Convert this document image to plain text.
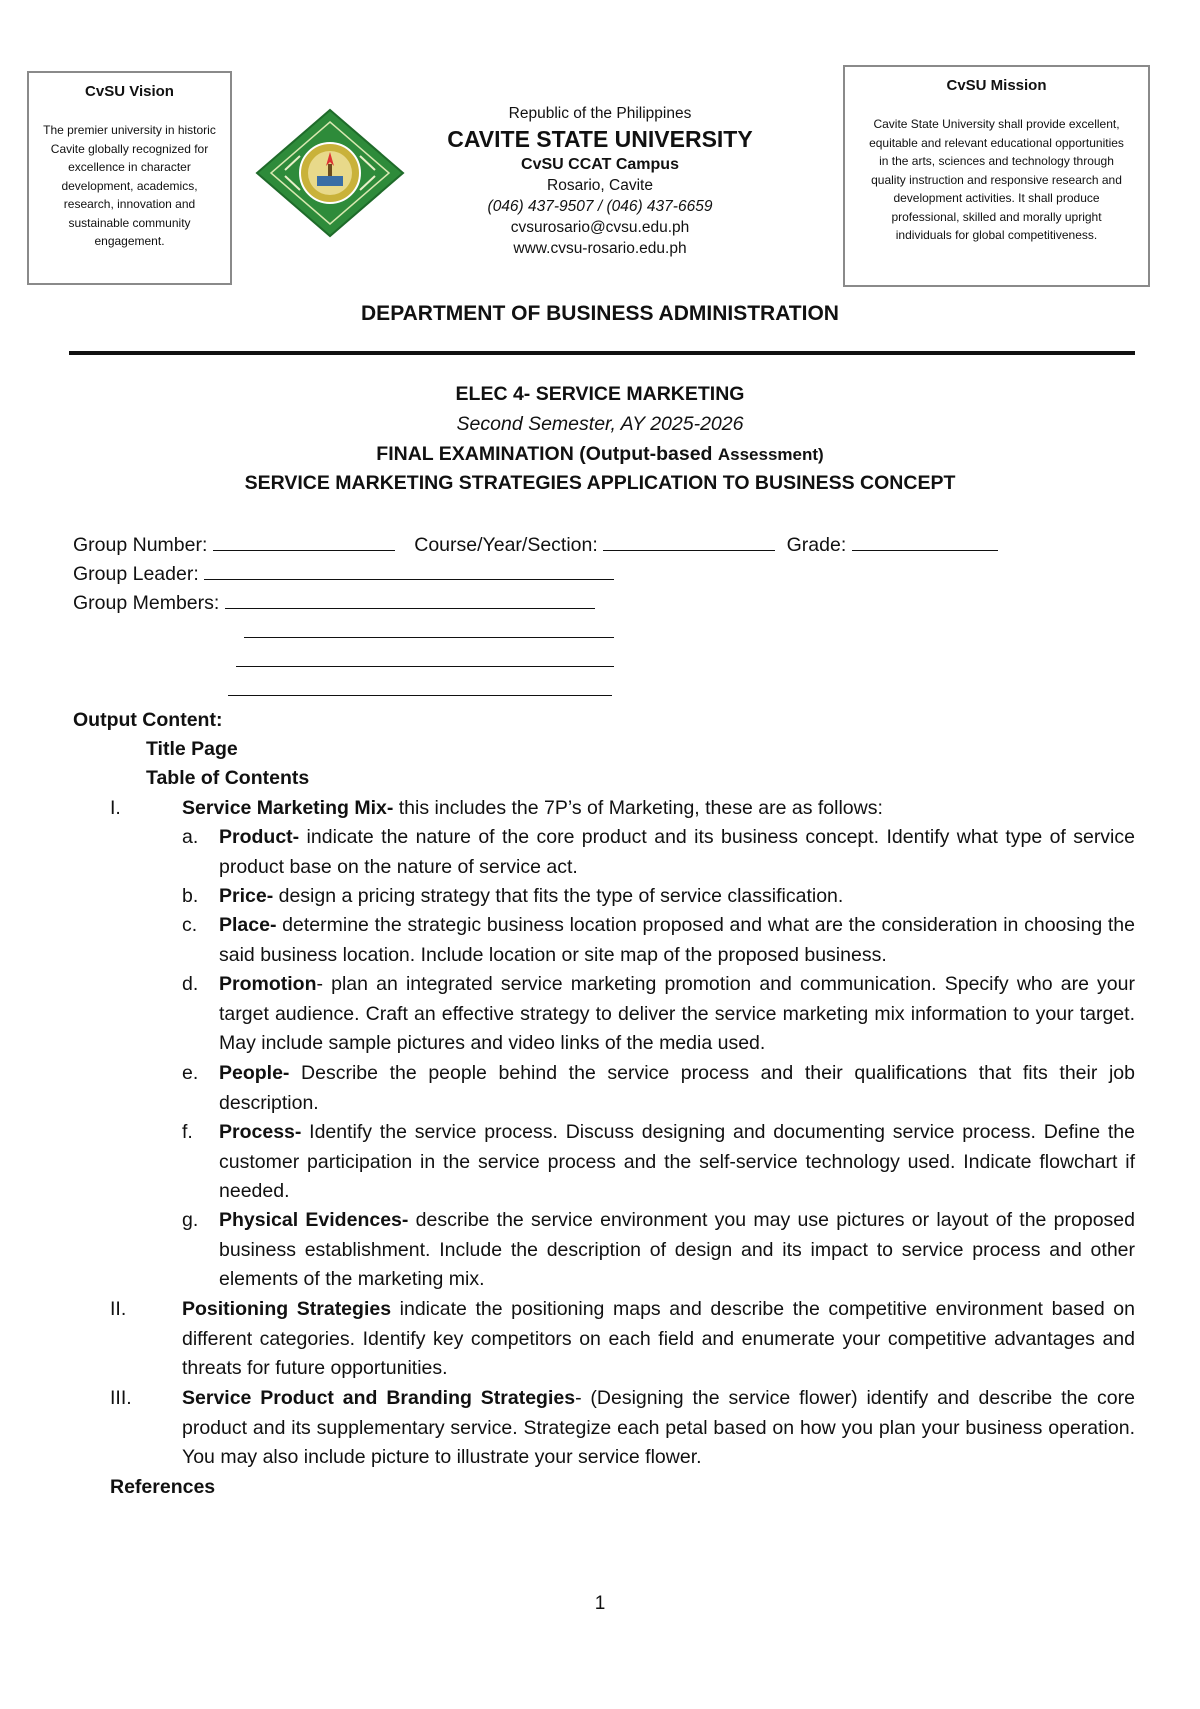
CvSU Vision
The premier university in historic Cavite globally recognized for excellence in character development, academics, research, innovation and sustainable community engagement.
Republic of the Philippines
CAVITE STATE UNIVERSITY
CvSU CCAT Campus
Rosario, Cavite
(046) 437-9507 / (046) 437-6659
cvsurosario@cvsu.edu.ph
www.cvsu-rosario.edu.ph
CvSU Mission
Cavite State University shall provide excellent, equitable and relevant educational opportunities in the arts, sciences and technology through quality instruction and responsive research and development activities. It shall produce professional, skilled and morally upright individuals for global competitiveness.
DEPARTMENT OF BUSINESS ADMINISTRATION
ELEC 4- SERVICE MARKETING
Second Semester, AY 2025-2026
FINAL EXAMINATION (Output-based Assessment)
SERVICE MARKETING STRATEGIES APPLICATION TO BUSINESS CONCEPT
Group Number:	Course/Year/Section:	Grade:
Group Leader:
Group Members:
Output Content:
Title Page
Table of Contents
I.	Service Marketing Mix- this includes the 7P’s of Marketing, these are as follows:
a. Product- indicate the nature of the core product and its business concept. Identify what type of service product base on the nature of service act.
b. Price- design a pricing strategy that fits the type of service classification.
c. Place- determine the strategic business location proposed and what are the consideration in choosing the said business location. Include location or site map of the proposed business.
d. Promotion- plan an integrated service marketing promotion and communication. Specify who are your target audience. Craft an effective strategy to deliver the service marketing mix information to your target. May include sample pictures and video links of the media used.
e. People- Describe the people behind the service process and their qualifications that fits their job description.
f. Process- Identify the service process. Discuss designing and documenting service process. Define the customer participation in the service process and the self-service technology used. Indicate flowchart if needed.
g. Physical Evidences- describe the service environment you may use pictures or layout of the proposed business establishment. Include the description of design and its impact to service process and other elements of the marketing mix.
II.	Positioning Strategies indicate the positioning maps and describe the competitive environment based on different categories. Identify key competitors on each field and enumerate your competitive advantages and threats for future opportunities.
III.	Service Product and Branding Strategies- (Designing the service flower) identify and describe the core product and its supplementary service. Strategize each petal based on how you plan your business operation. You may also include picture to illustrate your service flower.
References
1
